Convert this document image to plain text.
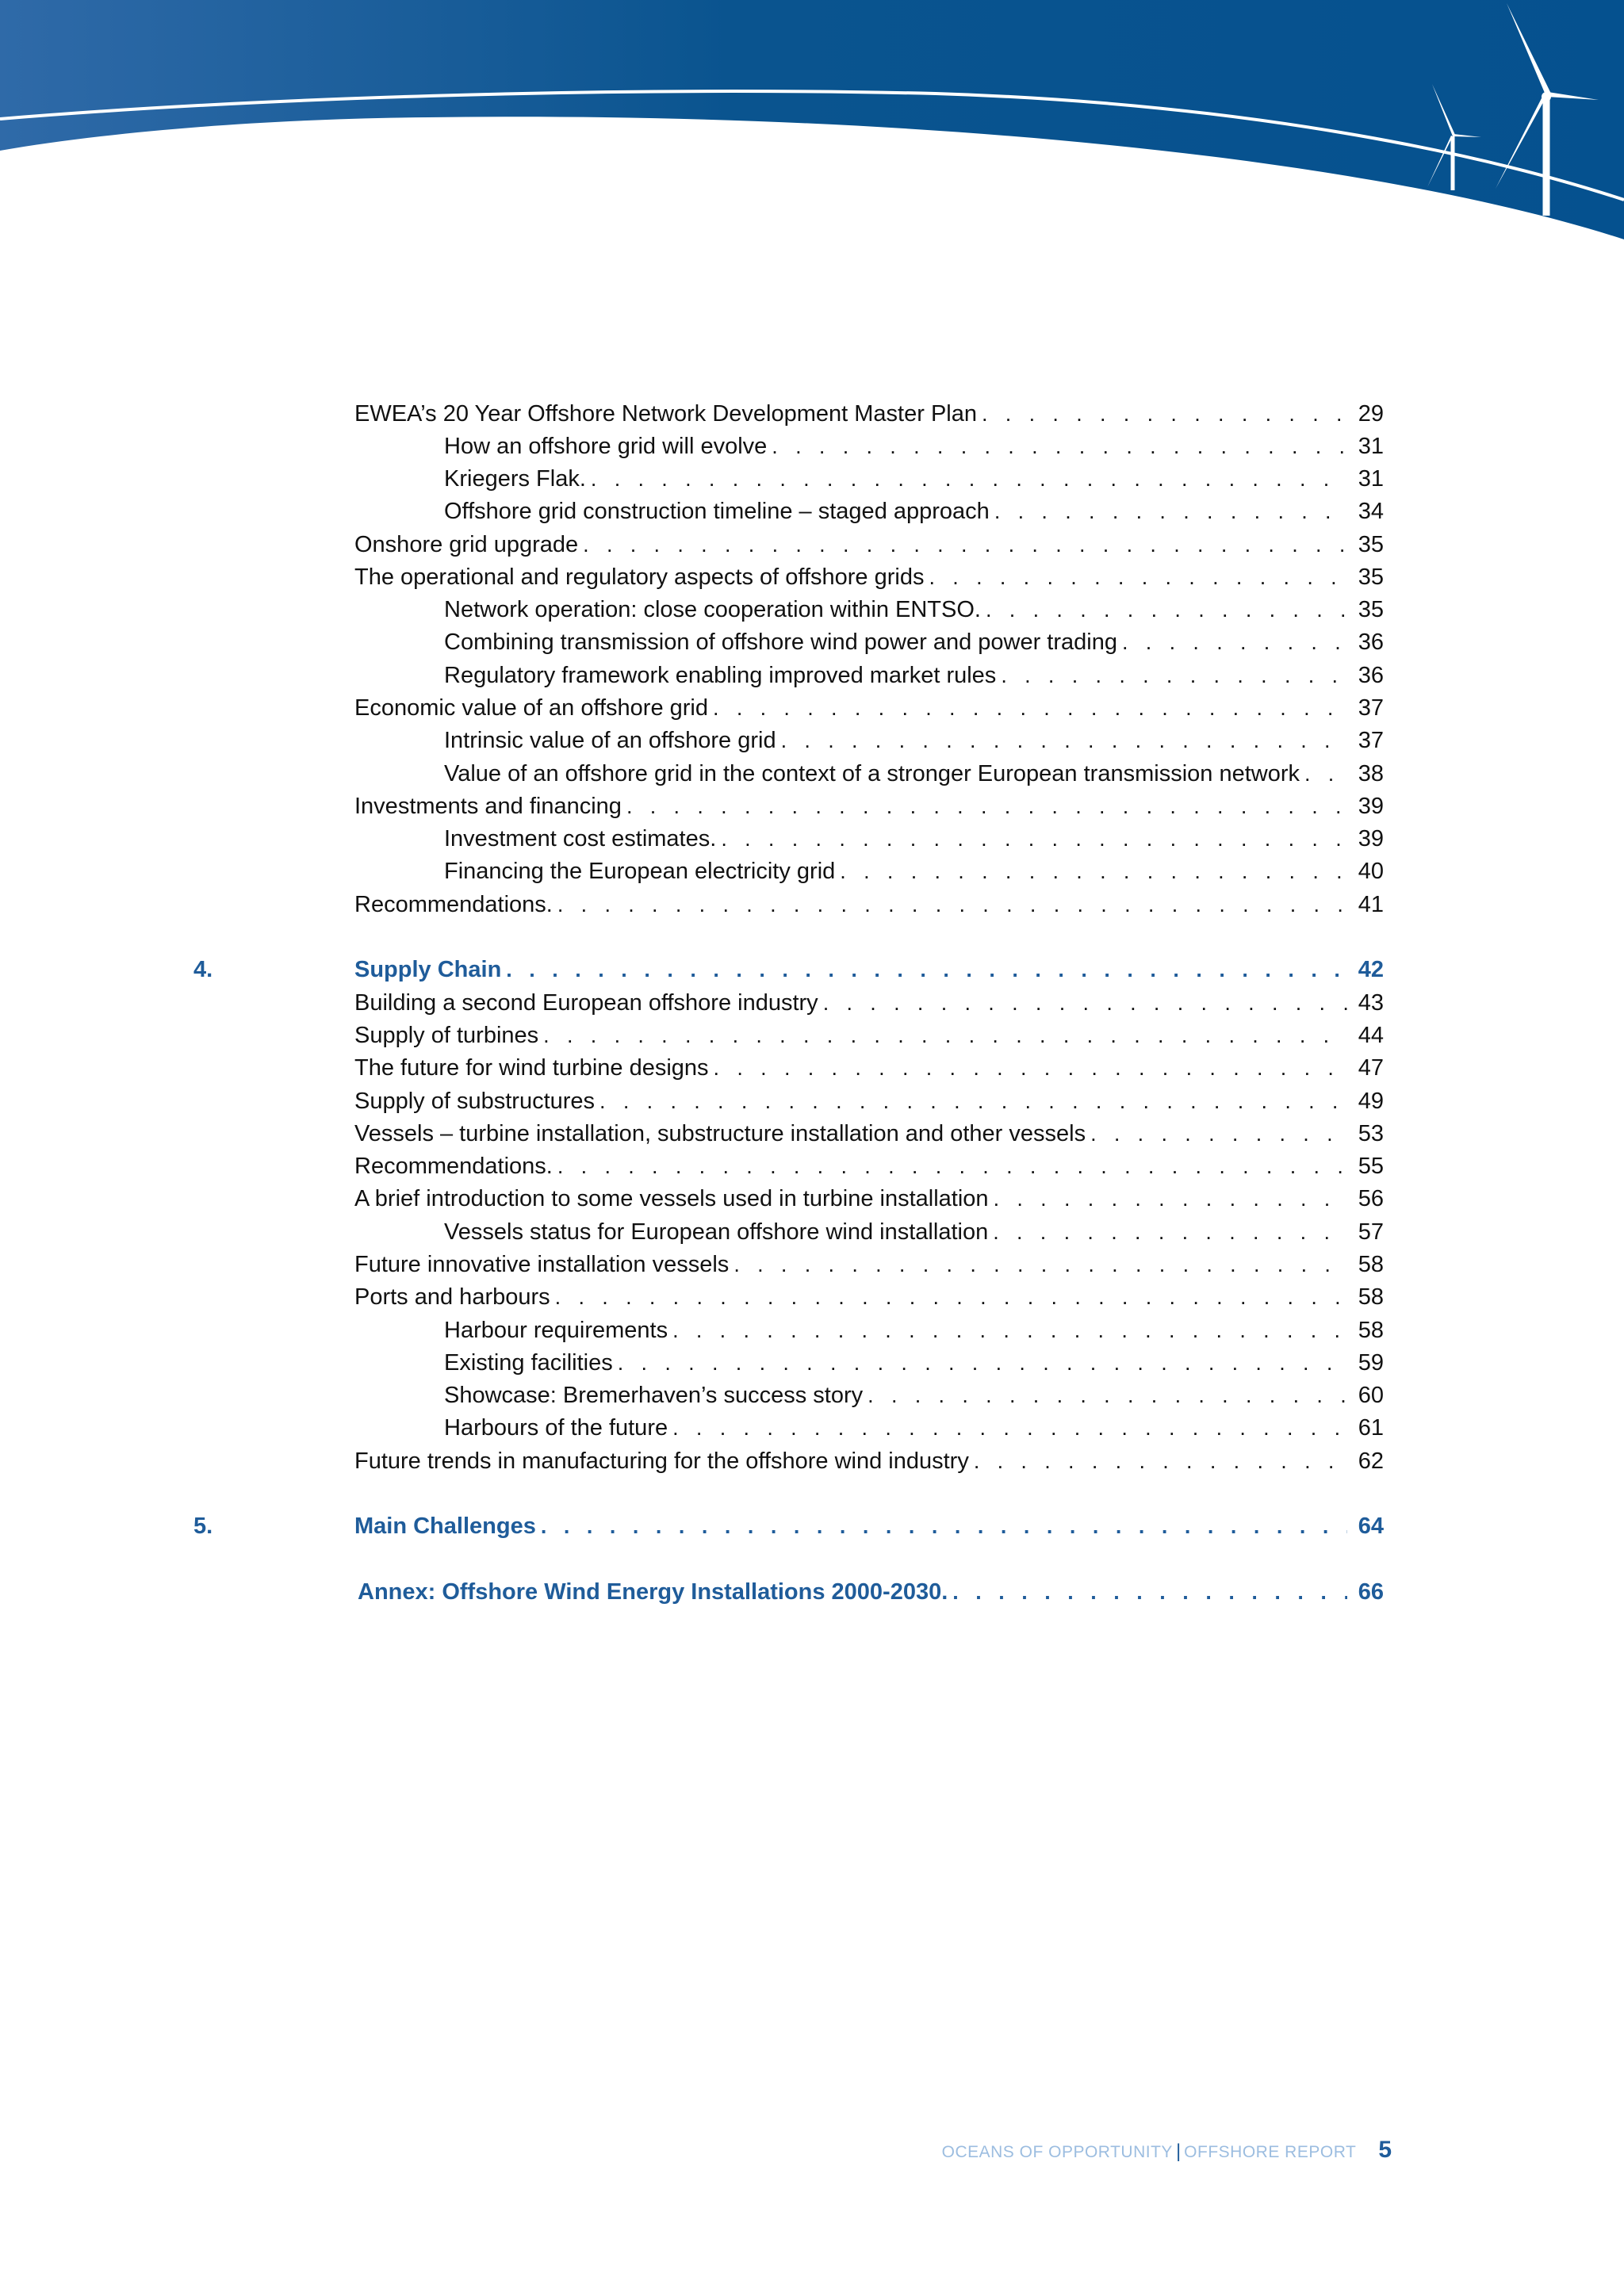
EWEA’s 20 Year Offshore Network Development Master Plan . . .	29
How an offshore grid will evolve . . .	31
Kriegers Flak. . . .	31
Offshore grid construction timeline – staged approach . . .	34
Onshore grid upgrade . . .	35
The operational and regulatory aspects of offshore grids . . .	35
Network operation: close cooperation within ENTSO. . . .	35
Combining transmission of offshore wind power and power trading . . .	36
Regulatory framework enabling improved market rules . . .	36
Economic value of an offshore grid . . .	37
Intrinsic value of an offshore grid . . .	37
Value of an offshore grid in the context of a stronger European transmission network . . .	38
Investments and financing . . .	39
Investment cost estimates. . . .	39
Financing the European electricity grid . . .	40
Recommendations. . . .	41
4.	Supply Chain . . .	42
Building a second European offshore industry . . .	43
Supply of turbines . . .	44
The future for wind turbine designs . . .	47
Supply of substructures . . .	49
Vessels – turbine installation, substructure installation and other vessels . . .	53
Recommendations. . . .	55
A brief introduction to some vessels used in turbine installation . . .	56
Vessels status for European offshore wind installation . . .	57
Future innovative installation vessels . . .	58
Ports and harbours . . .	58
Harbour requirements . . .	58
Existing facilities . . .	59
Showcase: Bremerhaven’s success story . . .	60
Harbours of the future . . .	61
Future trends in manufacturing for the offshore wind industry . . .	62
5.	Main Challenges . . .	64
Annex: Offshore Wind Energy Installations 2000-2030. . . .	66
OCEANS OF OPPORTUNITY | OFFSHORE REPORT 5
